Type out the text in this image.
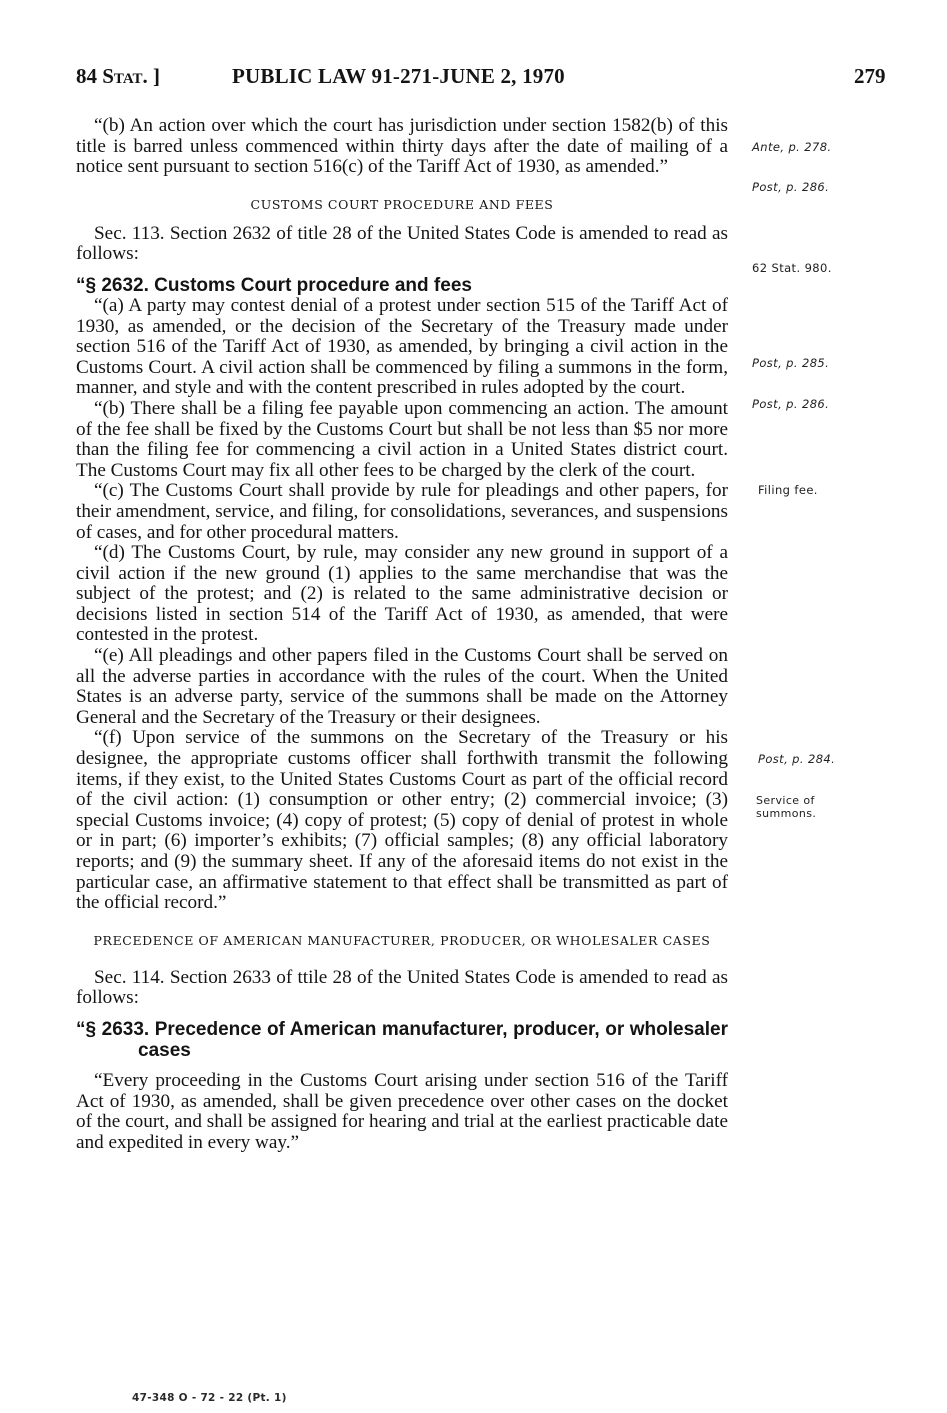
84 Stat. ]	PUBLIC LAW 91-271-JUNE 2, 1970	279

“(b) An action over which the court has jurisdiction under section 1582(b) of this title is barred unless commenced within thirty days after the date of mailing of a notice sent pursuant to section 516(c) of the Tariff Act of 1930, as amended.”

CUSTOMS COURT PROCEDURE AND FEES

Sec. 113. Section 2632 of title 28 of the United States Code is amended to read as follows:

“§ 2632. Customs Court procedure and fees

“(a) A party may contest denial of a protest under section 515 of the Tariff Act of 1930, as amended, or the decision of the Secretary of the Treasury made under section 516 of the Tariff Act of 1930, as amended, by bringing a civil action in the Customs Court. A civil action shall be commenced by filing a summons in the form, manner, and style and with the content prescribed in rules adopted by the court.

“(b) There shall be a filing fee payable upon commencing an action. The amount of the fee shall be fixed by the Customs Court but shall be not less than $5 nor more than the filing fee for commencing a civil action in a United States district court. The Customs Court may fix all other fees to be charged by the clerk of the court.

“(c) The Customs Court shall provide by rule for pleadings and other papers, for their amendment, service, and filing, for consolidations, severances, and suspensions of cases, and for other procedural matters.

“(d) The Customs Court, by rule, may consider any new ground in support of a civil action if the new ground (1) applies to the same merchandise that was the subject of the protest; and (2) is related to the same administrative decision or decisions listed in section 514 of the Tariff Act of 1930, as amended, that were contested in the protest.

“(e) All pleadings and other papers filed in the Customs Court shall be served on all the adverse parties in accordance with the rules of the court. When the United States is an adverse party, service of the summons shall be made on the Attorney General and the Secretary of the Treasury or their designees.

“(f) Upon service of the summons on the Secretary of the Treasury or his designee, the appropriate customs officer shall forthwith transmit the following items, if they exist, to the United States Customs Court as part of the official record of the civil action: (1) consumption or other entry; (2) commercial invoice; (3) special Customs invoice; (4) copy of protest; (5) copy of denial of protest in whole or in part; (6) importer’s exhibits; (7) official samples; (8) any official laboratory reports; and (9) the summary sheet. If any of the aforesaid items do not exist in the particular case, an affirmative statement to that effect shall be transmitted as part of the official record.”

PRECEDENCE OF AMERICAN MANUFACTURER, PRODUCER, OR WHOLESALER CASES

Sec. 114. Section 2633 of ttile 28 of the United States Code is amended to read as follows:

“§ 2633. Precedence of American manufacturer, producer, or wholesaler cases

“Every proceeding in the Customs Court arising under section 516 of the Tariff Act of 1930, as amended, shall be given precedence over other cases on the docket of the court, and shall be assigned for hearing and trial at the earliest practicable date and expedited in every way.”

Ante, p. 278.
Post, p. 286.
62 Stat. 980.
Post, p. 285.
Post, p. 286.
Filing fee.
Post, p. 284.
Service of summons.
47-348 O - 72 - 22 (Pt. 1)
